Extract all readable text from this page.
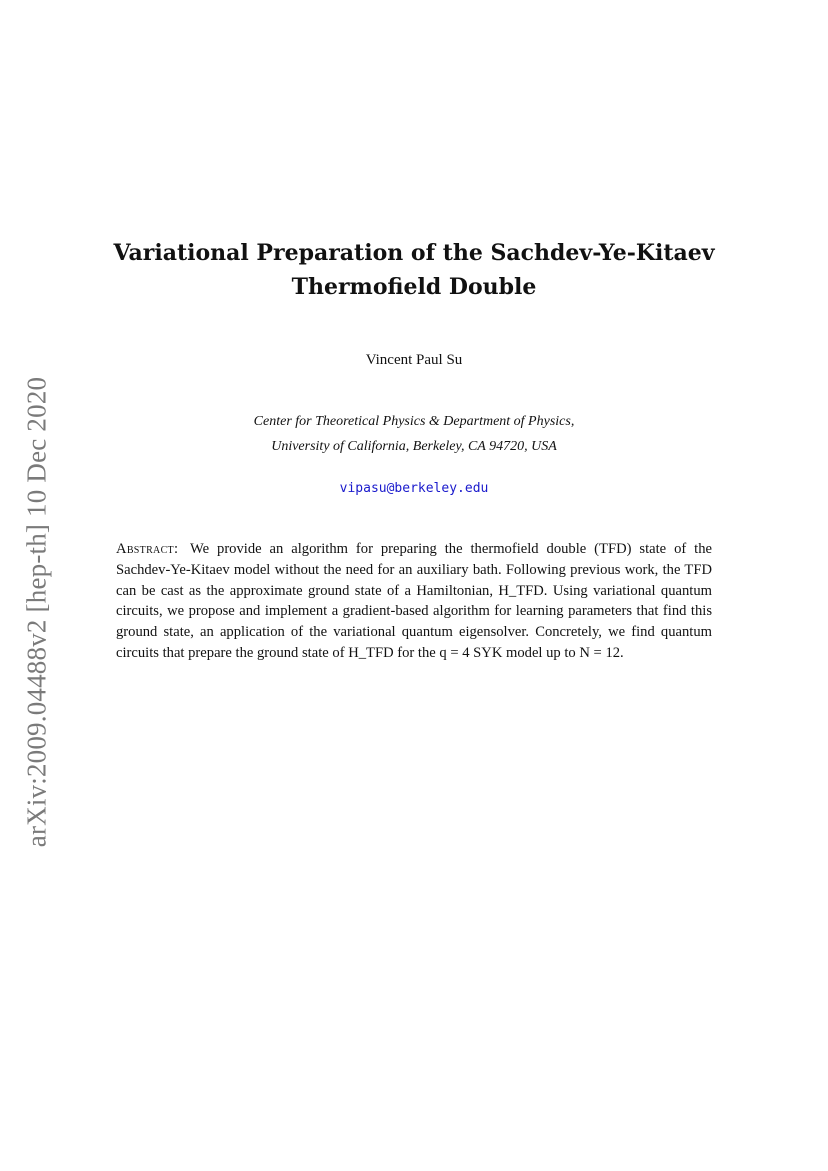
arXiv:2009.04488v2 [hep-th] 10 Dec 2020
Variational Preparation of the Sachdev-Ye-Kitaev
Thermofield Double
Vincent Paul Su
Center for Theoretical Physics & Department of Physics,
University of California, Berkeley, CA 94720, USA
vipasu@berkeley.edu
Abstract: We provide an algorithm for preparing the thermofield double (TFD) state of the Sachdev-Ye-Kitaev model without the need for an auxiliary bath. Following previous work, the TFD can be cast as the approximate ground state of a Hamiltonian, H_TFD. Using variational quantum circuits, we propose and implement a gradient-based algorithm for learning parameters that find this ground state, an application of the variational quantum eigensolver. Concretely, we find quantum circuits that prepare the ground state of H_TFD for the q = 4 SYK model up to N = 12.
